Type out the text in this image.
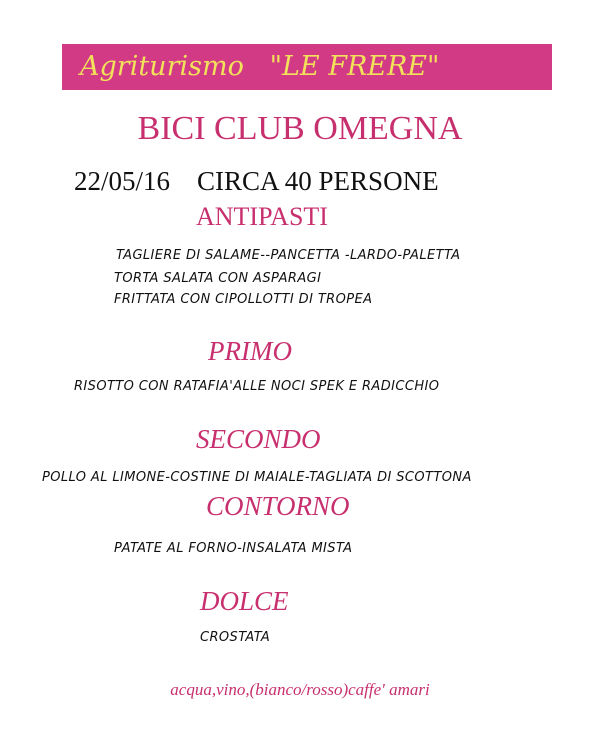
Agriturismo   "LE FRERE"
BICI CLUB OMEGNA
22/05/16 CIRCA 40 PERSONE
ANTIPASTI
TAGLIERE DI SALAME--PANCETTA -LARDO-PALETTA
TORTA SALATA CON ASPARAGI
FRITTATA CON CIPOLLOTTI DI TROPEA
PRIMO
RISOTTO CON RATAFIA'ALLE NOCI SPEK E RADICCHIO
SECONDO
POLLO AL LIMONE-COSTINE DI MAIALE-TAGLIATA DI SCOTTONA
CONTORNO
PATATE AL FORNO-INSALATA MISTA
DOLCE
CROSTATA
acqua,vino,(bianco/rosso)caffe' amari
